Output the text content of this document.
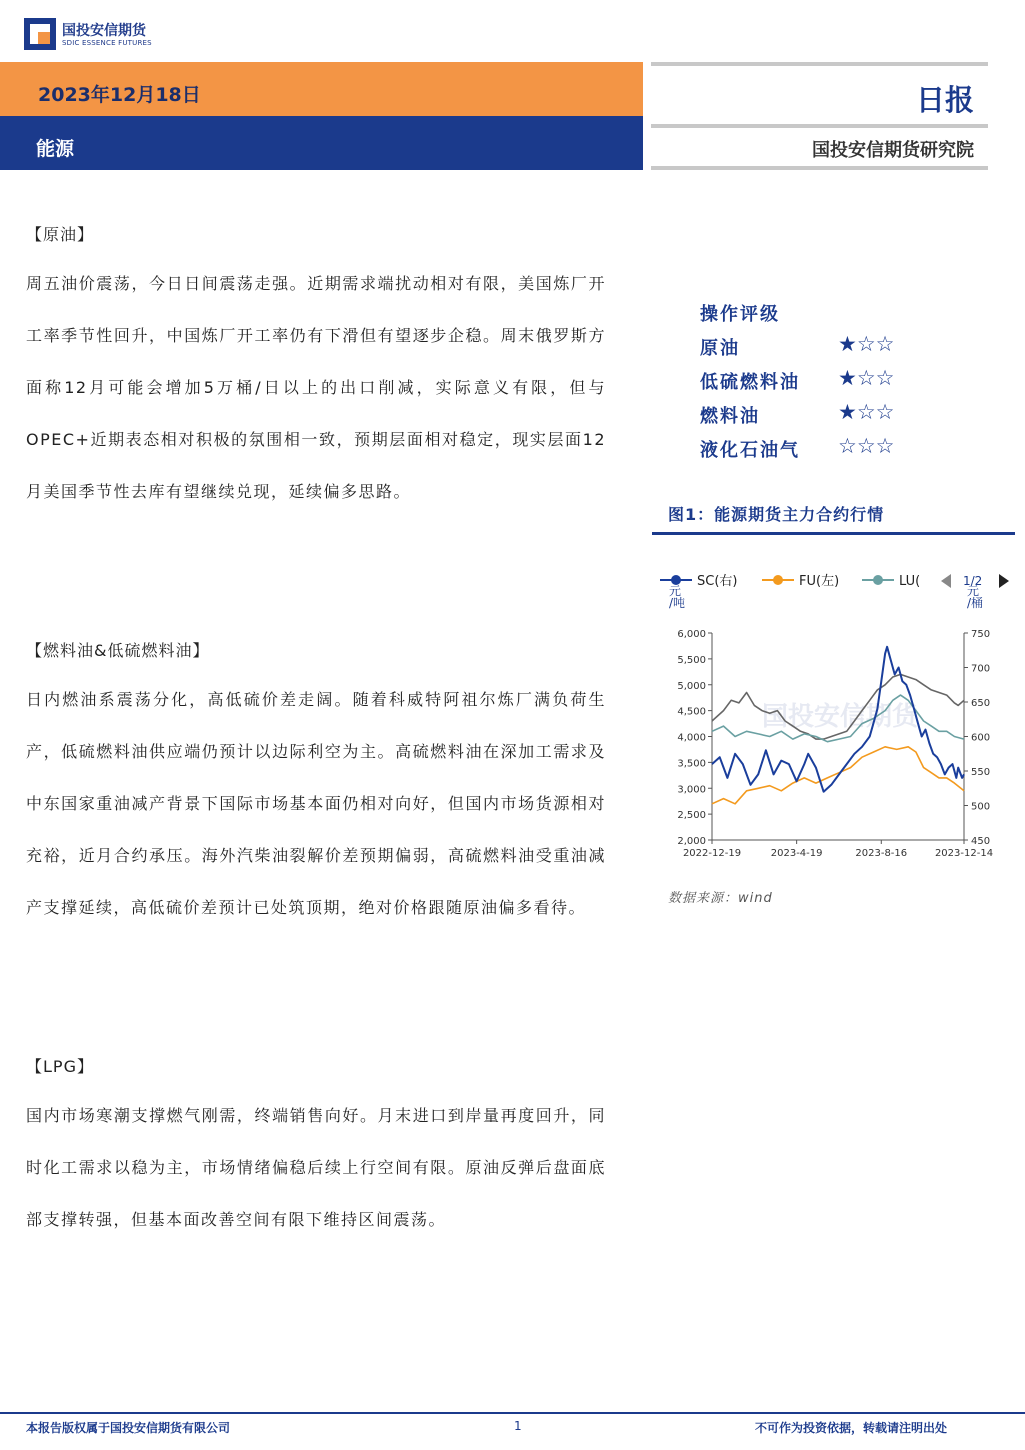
国投安信期货
SDIC ESSENCE FUTURES
2023年12月18日
能源
日报
国投安信期货研究院
【原油】

周五油价震荡，今日日间震荡走强。近期需求端扰动相对有限，美国炼厂开工率季节性回升，中国炼厂开工率仍有下滑但有望逐步企稳。周末俄罗斯方面称12月可能会增加5万桶/日以上的出口削减，实际意义有限，但与OPEC+近期表态相对积极的氛围相一致，预期层面相对稳定，现实层面12月美国季节性去库有望继续兑现，延续偏多思路。

【燃料油&低硫燃料油】

日内燃油系震荡分化，高低硫价差走阔。随着科威特阿祖尔炼厂满负荷生产，低硫燃料油供应端仍预计以边际利空为主。高硫燃料油在深加工需求及中东国家重油减产背景下国际市场基本面仍相对向好，但国内市场货源相对充裕，近月合约承压。海外汽柴油裂解价差预期偏弱，高硫燃料油受重油减产支撑延续，高低硫价差预计已处筑顶期，绝对价格跟随原油偏多看待。

【LPG】

国内市场寒潮支撑燃气刚需，终端销售向好。月末进口到岸量再度回升，同时化工需求以稳为主，市场情绪偏稳后续上行空间有限。原油反弹后盘面底部支撑转强，但基本面改善空间有限下维持区间震荡。

操作评级
原油	★☆☆
低硫燃料油 ★☆☆
燃料油	★☆☆
液化石油气 ☆☆☆
图1：能源期货主力合约行情
SC(右)	FU(左)	LU(	1/2
元
/吨
元
/桶
国投安信期货
2,000
2,500
3,000
3,500
4,000
4,500
5,000
5,500
6,000
450
500
550
600
650
700
750
2022-12-19	2023-4-19	2023-8-16	2023-12-14
数据来源：wind
本报告版权属于国投安信期货有限公司	1	不可作为投资依据，转载请注明出处
